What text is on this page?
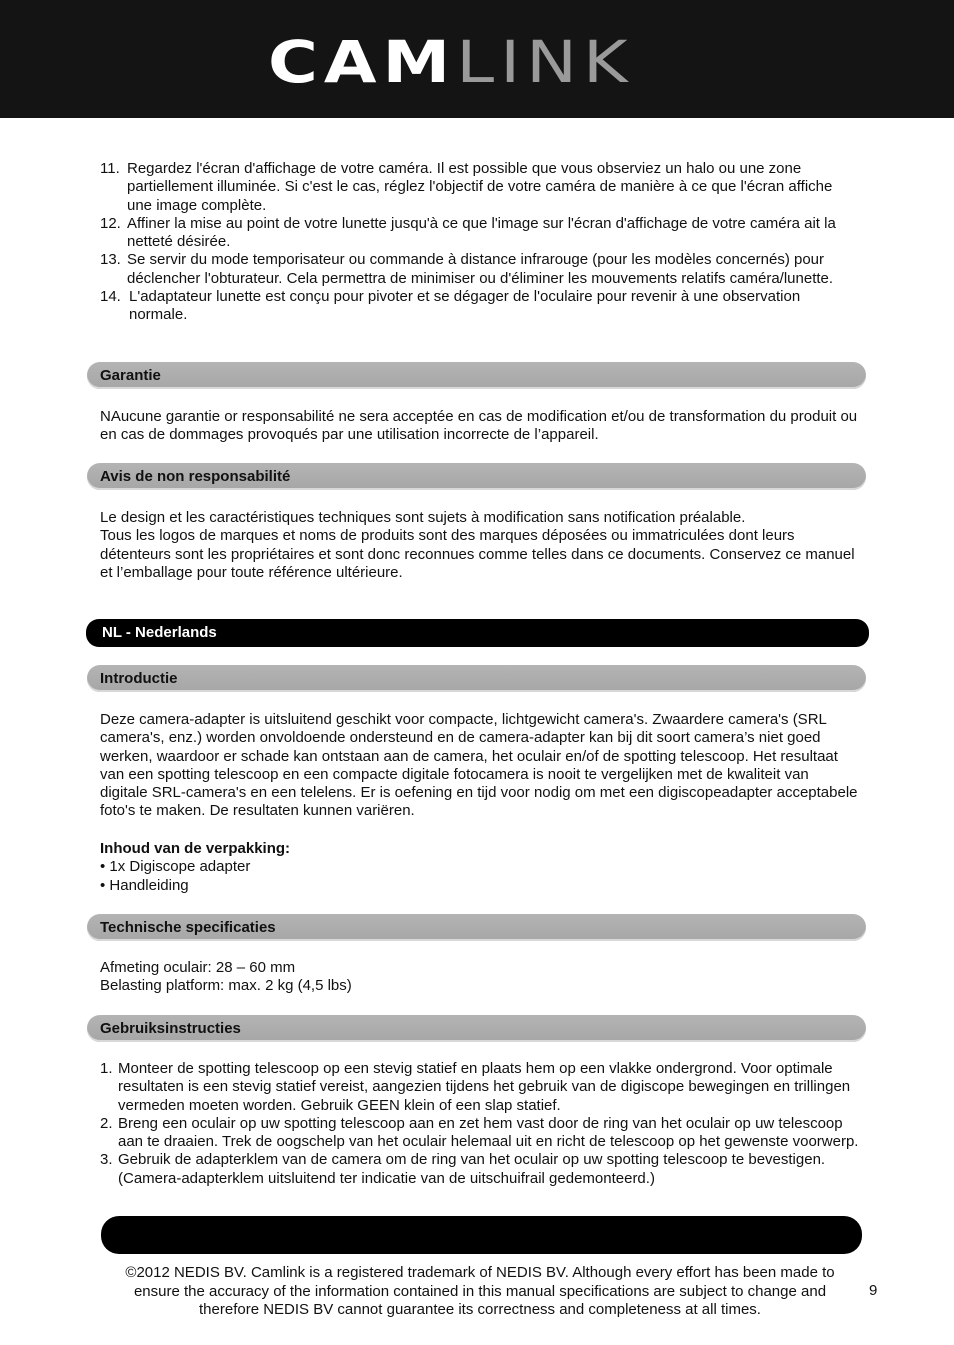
CAMLINK
11. Regardez l'écran d'affichage de votre caméra. Il est possible que vous observiez un halo ou une zone partiellement illuminée. Si c'est le cas, réglez l'objectif de votre caméra de manière à ce que l'écran affiche une image complète.
12. Affiner la mise au point de votre lunette jusqu'à ce que l'image sur l'écran d'affichage de votre caméra ait la netteté désirée.
13. Se servir du mode temporisateur ou commande à distance infrarouge (pour les modèles concernés) pour déclencher l'obturateur. Cela permettra de minimiser ou d'éliminer les mouvements relatifs caméra/lunette.
14. L'adaptateur lunette est conçu pour pivoter et se dégager de l'oculaire pour revenir à une observation normale.
Garantie
NAucune garantie or responsabilité ne sera acceptée en cas de modification et/ou de transformation du produit ou en cas de dommages provoqués par une utilisation incorrecte de l’appareil.
Avis de non responsabilité
Le design et les caractéristiques techniques sont sujets à modification sans notification préalable.
Tous les logos de marques et noms de produits sont des marques déposées ou immatriculées dont leurs détenteurs sont les propriétaires et sont donc reconnues comme telles dans ce documents. Conservez ce manuel et l’emballage pour toute référence ultérieure.
NL - Nederlands
Introductie
Deze camera-adapter is uitsluitend geschikt voor compacte, lichtgewicht camera's. Zwaardere camera's (SRL camera's, enz.) worden onvoldoende ondersteund en de camera-adapter kan bij dit soort camera’s niet goed werken, waardoor er schade kan ontstaan aan de camera, het oculair en/of de spotting telescoop. Het resultaat van een spotting telescoop en een compacte digitale fotocamera is nooit te vergelijken met de kwaliteit van digitale SRL-camera's en een telelens. Er is oefening en tijd voor nodig om met een digiscopeadapter acceptabele foto's te maken. De resultaten kunnen variëren.
Inhoud van de verpakking:
• 1x Digiscope adapter
• Handleiding
Technische specificaties
Afmeting oculair: 28 – 60 mm
Belasting platform: max. 2 kg (4,5 lbs)
Gebruiksinstructies
1. Monteer de spotting telescoop op een stevig statief en plaats hem op een vlakke ondergrond. Voor optimale resultaten is een stevig statief vereist, aangezien tijdens het gebruik van de digiscope bewegingen en trillingen vermeden moeten worden. Gebruik GEEN klein of een slap statief.
2. Breng een oculair op uw spotting telescoop aan en zet hem vast door de ring van het oculair op uw telescoop aan te draaien. Trek de oogschelp van het oculair helemaal uit en richt de telescoop op het gewenste voorwerp.
3. Gebruik de adapterklem van de camera om de ring van het oculair op uw spotting telescoop te bevestigen. (Camera-adapterklem uitsluitend ter indicatie van de uitschuifrail gedemonteerd.)
©2012 NEDIS BV. Camlink is a registered trademark of NEDIS BV. Although every effort has been made to ensure the accuracy of the information contained in this manual specifications are subject to change and therefore NEDIS BV cannot guarantee its correctness and completeness at all times.
9
